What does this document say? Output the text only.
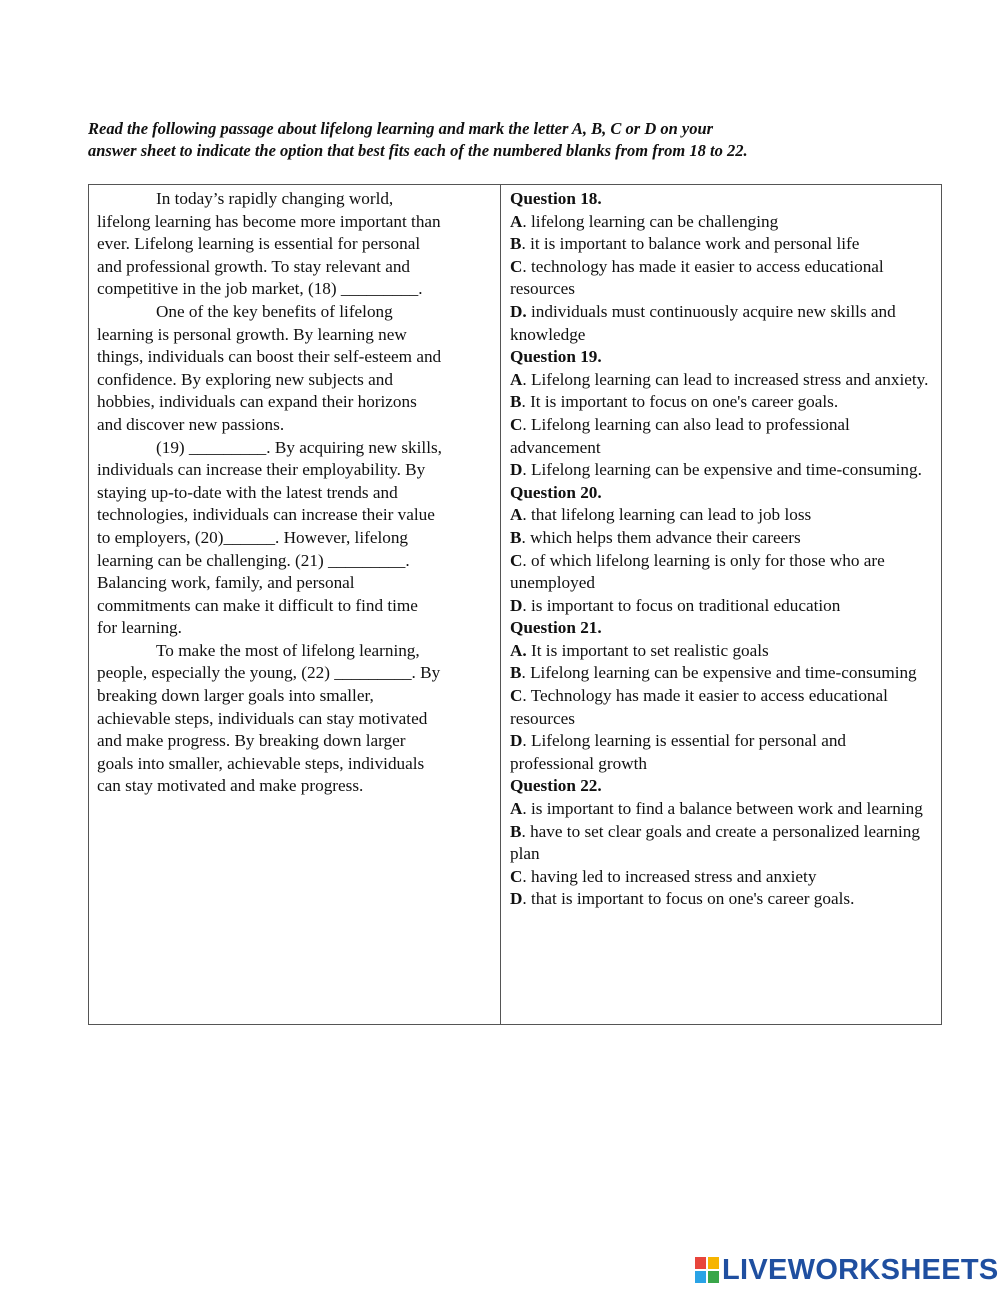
Read the following passage about lifelong learning and mark the letter A, B, C or D on your
answer sheet to indicate the option that best fits each of the numbered blanks from from 18 to 22.
In today’s rapidly changing world,
lifelong learning has become more important than
ever. Lifelong learning is essential for personal
and professional growth. To stay relevant and
competitive in the job market, (18) _________.
One of the key benefits of lifelong
learning is personal growth. By learning new
things, individuals can boost their self-esteem and
confidence. By exploring new subjects and
hobbies, individuals can expand their horizons
and discover new passions.
(19) _________. By acquiring new skills,
individuals can increase their employability. By
staying up-to-date with the latest trends and
technologies, individuals can increase their value
to employers, (20)______. However, lifelong
learning can be challenging. (21) _________.
Balancing work, family, and personal
commitments can make it difficult to find time
for learning.
To make the most of lifelong learning,
people, especially the young, (22) _________. By
breaking down larger goals into smaller,
achievable steps, individuals can stay motivated
and make progress. By breaking down larger
goals into smaller, achievable steps, individuals
can stay motivated and make progress.
Question 18.
A. lifelong learning can be challenging
B. it is important to balance work and personal life
C. technology has made it easier to access educational resources
D. individuals must continuously acquire new skills and knowledge
Question 19.
A. Lifelong learning can lead to increased stress and anxiety.
B. It is important to focus on one's career goals.
C. Lifelong learning can also lead to professional advancement
D. Lifelong learning can be expensive and time-consuming.
Question 20.
A. that lifelong learning can lead to job loss
B. which helps them advance their careers
C. of which lifelong learning is only for those who are unemployed
D. is important to focus on traditional education
Question 21.
A. It is important to set realistic goals
B. Lifelong learning can be expensive and time-consuming
C. Technology has made it easier to access educational resources
D. Lifelong learning is essential for personal and professional growth
Question 22.
A. is important to find a balance between work and learning
B. have to set clear goals and create a personalized learning plan
C. having led to increased stress and anxiety
D. that is important to focus on one's career goals.
LIVEWORKSHEETS
